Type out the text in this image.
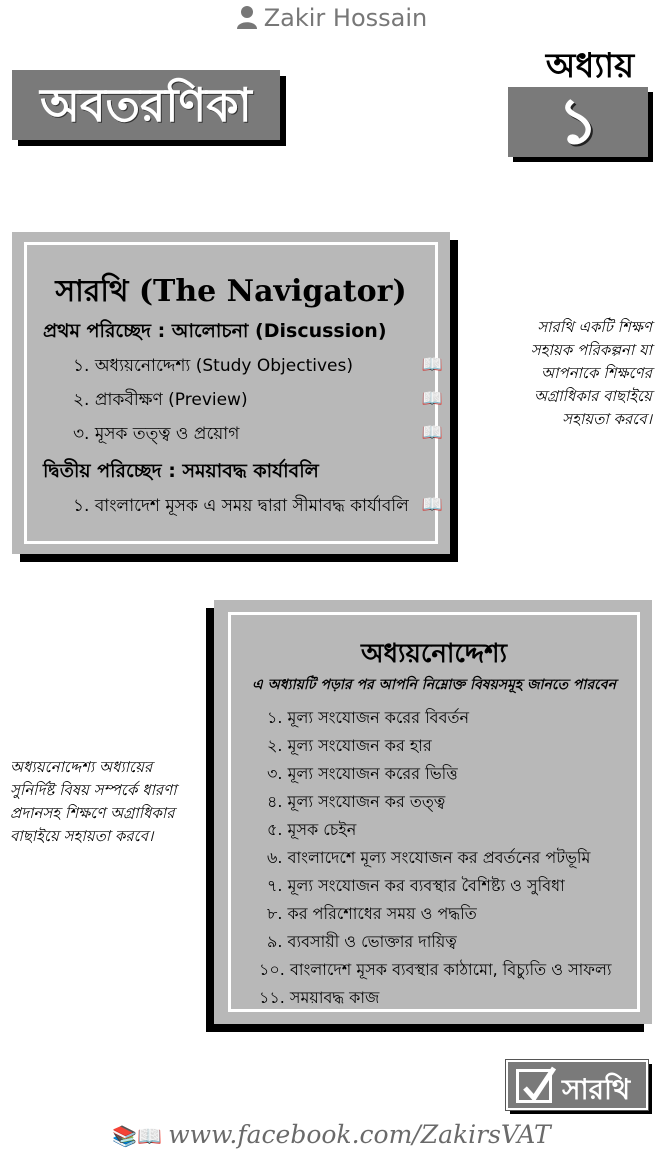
Zakir Hossain
অবতরণিকা
অধ্যায়
১
সারথি (The Navigator)
প্রথম পরিচ্ছেদ : আলোচনা (Discussion)
১. অধ্যয়নোদ্দেশ্য (Study Objectives)	📖
২. প্রাকবীক্ষণ (Preview)	📖
৩. মূসক তত্ত্ব ও প্রয়োগ	📖
দ্বিতীয় পরিচ্ছেদ : সময়াবদ্ধ কার্যাবলি
১. বাংলাদেশ মূসক এ সময় দ্বারা সীমাবদ্ধ কার্যাবলি 📖
সারথি একটি শিক্ষণ সহায়ক পরিকল্পনা যা আপনাকে শিক্ষণের অগ্রাধিকার বাছাইয়ে সহায়তা করবে।
অধ্যয়নোদ্দেশ্য
এ অধ্যায়টি পড়ার পর আপনি নিম্নোক্ত বিষয়সমূহ জানতে পারবেন
১. মূল্য সংযোজন করের বিবর্তন
২. মূল্য সংযোজন কর হার
৩. মূল্য সংযোজন করের ভিত্তি
৪. মূল্য সংযোজন কর তত্ত্ব
৫. মূসক চেইন
৬. বাংলাদেশে মূল্য সংযোজন কর প্রবর্তনের পটভূমি
৭. মূল্য সংযোজন কর ব্যবস্থার বৈশিষ্ট্য ও সুবিধা
৮. কর পরিশোধের সময় ও পদ্ধতি
৯. ব্যবসায়ী ও ভোক্তার দায়িত্ব
১০. বাংলাদেশ মূসক ব্যবস্থার কাঠামো, বিচ্যুতি ও সাফল্য
১১. সময়াবদ্ধ কাজ
অধ্যয়নোদ্দেশ্য অধ্যায়ের সুনির্দিষ্ট বিষয় সম্পর্কে ধারণা প্রদানসহ শিক্ষণে অগ্রাধিকার বাছাইয়ে সহায়তা করবে।
সারথি
📚📖 www.facebook.com/ZakirsVAT
